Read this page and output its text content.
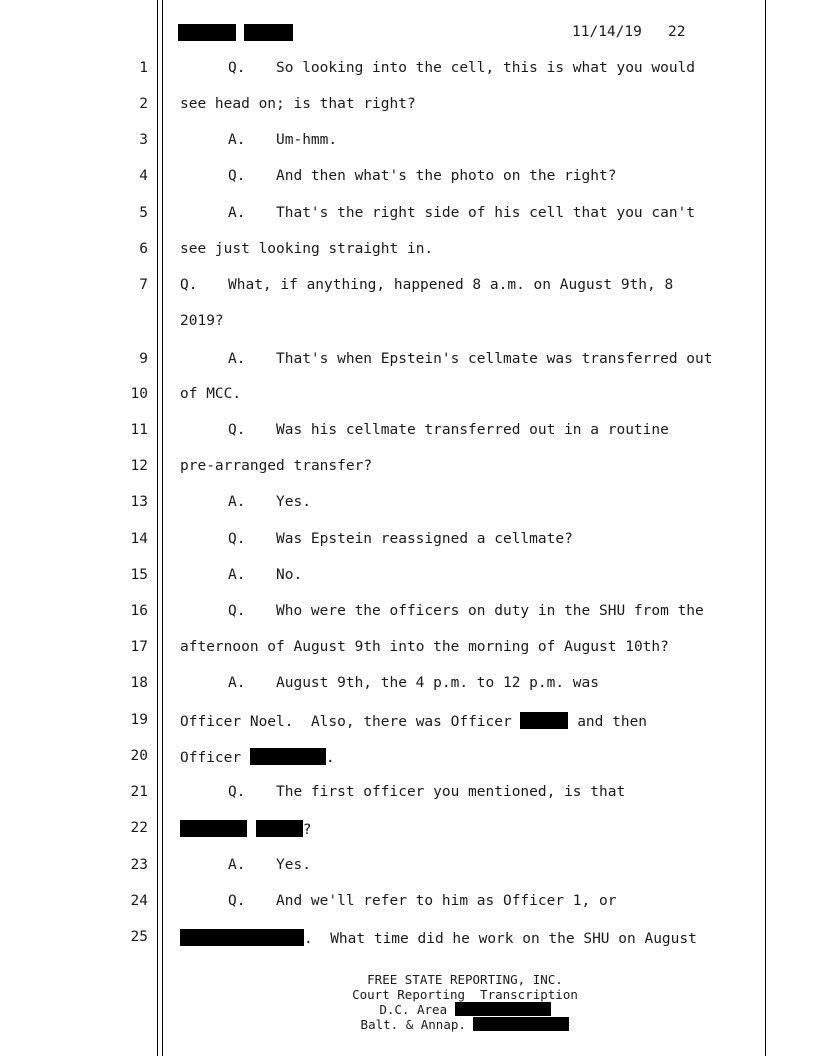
11/14/19 22
1	Q. So looking into the cell, this is what you would
2 see head on; is that right?
3	A. Um-hmm.
4	Q. And then what's the photo on the right?
5	A. That's the right side of his cell that you can't
6 see just looking straight in.
7 Q. What, if anything, happened 8 a.m. on August 9th, 8
2019?
9	A. That's when Epstein's cellmate was transferred out
10 of MCC.
11	Q. Was his cellmate transferred out in a routine
12 pre-arranged transfer?
13	A. Yes.
14	Q. Was Epstein reassigned a cellmate?
15	A. No.
16	Q. Who were the officers on duty in the SHU from the
17 afternoon of August 9th into the morning of August 10th?
18	A. August 9th, the 4 p.m. to 12 p.m. was
19 Officer Noel.  Also, there was Officer	and then
20 Officer	.
21	Q. The first officer you mentioned, is that
22	?
23	A. Yes.
24	Q. And we'll refer to him as Officer 1, or
25	.  What time did he work on the SHU on August
FREE STATE REPORTING, INC.
Court Reporting  Transcription
D.C. Area
Balt. & Annap.
